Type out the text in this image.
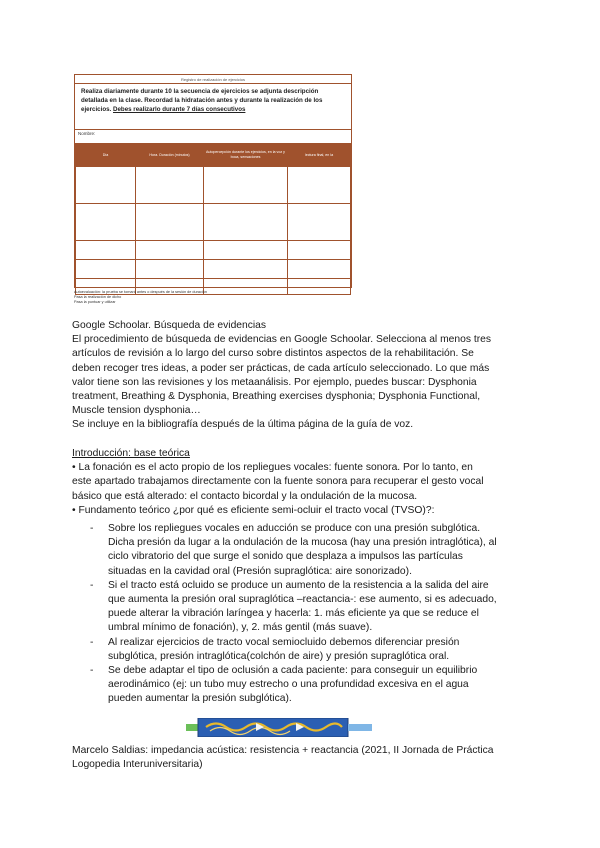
Registro de realización de ejercicios
Realiza diariamente durante 10 la secuencia de ejercicios se adjunta descripción detallada en la clase. Recordad la hidratación antes y durante la realización de los ejercicios. Debes realizarlo durante 7 días consecutivos
Nombre:
Día	Hora. Duración (minutos)	Autopercepción durante los ejercicios, en la voz y boca, sensaciones	lectura final, en la

Autoevaluación: la prueba se tomará antes o después de la sesión de duración
Pasa la realización de dicho
Pasa la puntuar y utilizar
Google Schoolar. Búsqueda de evidencias
El procedimiento de búsqueda de evidencias en Google Schoolar. Selecciona al menos tres
artículos de revisión a lo largo del curso sobre distintos aspectos de la rehabilitación. Se
deben recoger tres ideas, a poder ser prácticas, de cada artículo seleccionado. Lo que más
valor tiene son las revisiones y los metaanálisis. Por ejemplo, puedes buscar: Dysphonia
treatment, Breathing & Dysphonia, Breathing exercises dysphonia; Dysphonia Functional,
Muscle tension dysphonia…
Se incluye en la bibliografía después de la última página de la guía de voz.
Introducción: base teórica
• La fonación es el acto propio de los repliegues vocales: fuente sonora. Por lo tanto, en
este apartado trabajamos directamente con la fuente sonora para recuperar el gesto vocal
básico que está alterado: el contacto bicordal y la ondulación de la mucosa.
• Fundamento teórico ¿por qué es eficiente semi-ocluir el tracto vocal (TVSO)?:
- Sobre los repliegues vocales en aducción se produce con una presión subglótica.
Dicha presión da lugar a la ondulación de la mucosa (hay una presión intraglótica), al
ciclo vibratorio del que surge el sonido que desplaza a impulsos las partículas
situadas en la cavidad oral (Presión supraglótica: aire sonorizado).
- Si el tracto está ocluido se produce un aumento de la resistencia a la salida del aire
que aumenta la presión oral supraglótica –reactancia-: ese aumento, si es adecuado,
puede alterar la vibración laríngea y hacerla: 1. más eficiente ya que se reduce el
umbral mínimo de fonación), y, 2. más gentil (más suave).
- Al realizar ejercicios de tracto vocal semiocluido debemos diferenciar presión
subglótica, presión intraglótica(colchón de aire) y presión supraglótica oral.
- Se debe adaptar el tipo de oclusión a cada paciente: para conseguir un equilibrio
aerodinámico (ej: un tubo muy estrecho o una profundidad excesiva en el agua
pueden aumentar la presión subglótica).
Marcelo Saldias: impedancia acústica: resistencia + reactancia (2021, II Jornada de Práctica
Logopedia Interuniversitaria)
